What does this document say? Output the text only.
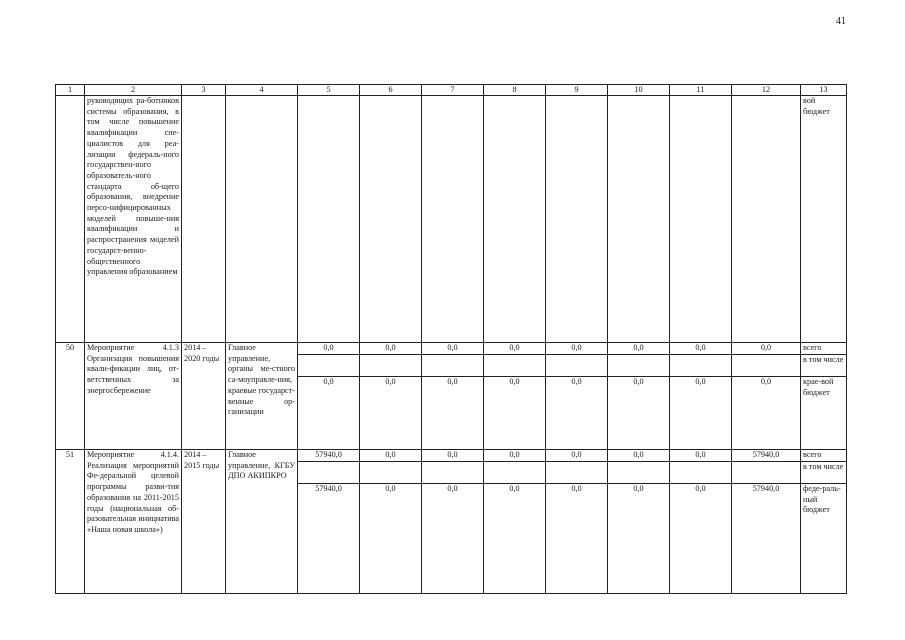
41
1	2	3	4	5	6	7	8	9	10	11	12	13
	руководящих ра-ботников системы образования, в том числе повышение квалификации спе-циалистов для реа-лизации федераль-ного государствен-ного образователь-ного стандарта об-щего образования, внедрение персо-нифицированных моделей повыше-ния квалификации и распространения моделей государст-венно-общественного управления образованием											вой бюджет
50	Мероприятие 4.1.3 Организация повышения квали-фикации лиц, от-ветственных за энергосбережение	2014 – 2020 годы	Главное управление, органы ме-стного са-моуправле-ния, краевые государст-венные ор-ганизации	0,0	0,0	0,0	0,0	0,0	0,0	0,0	0,0	всего
												в том числе
				0,0	0,0	0,0	0,0	0,0	0,0	0,0	0,0	крае-вой бюджет
51	Мероприятие 4.1.4. Реализация мероприятий Фе-деральной целевой программы разви-тия образования на 2011-2015 годы (национальная об-разовательная инициатива «Наша новая школа»)	2014 – 2015 годы	Главное управление, КГБУ ДПО АКИПКРО	57940,0	0,0	0,0	0,0	0,0	0,0	0,0	57940,0	всего
												в том числе
				57940,0	0,0	0,0	0,0	0,0	0,0	0,0	57940,0	феде-раль-ный бюджет
